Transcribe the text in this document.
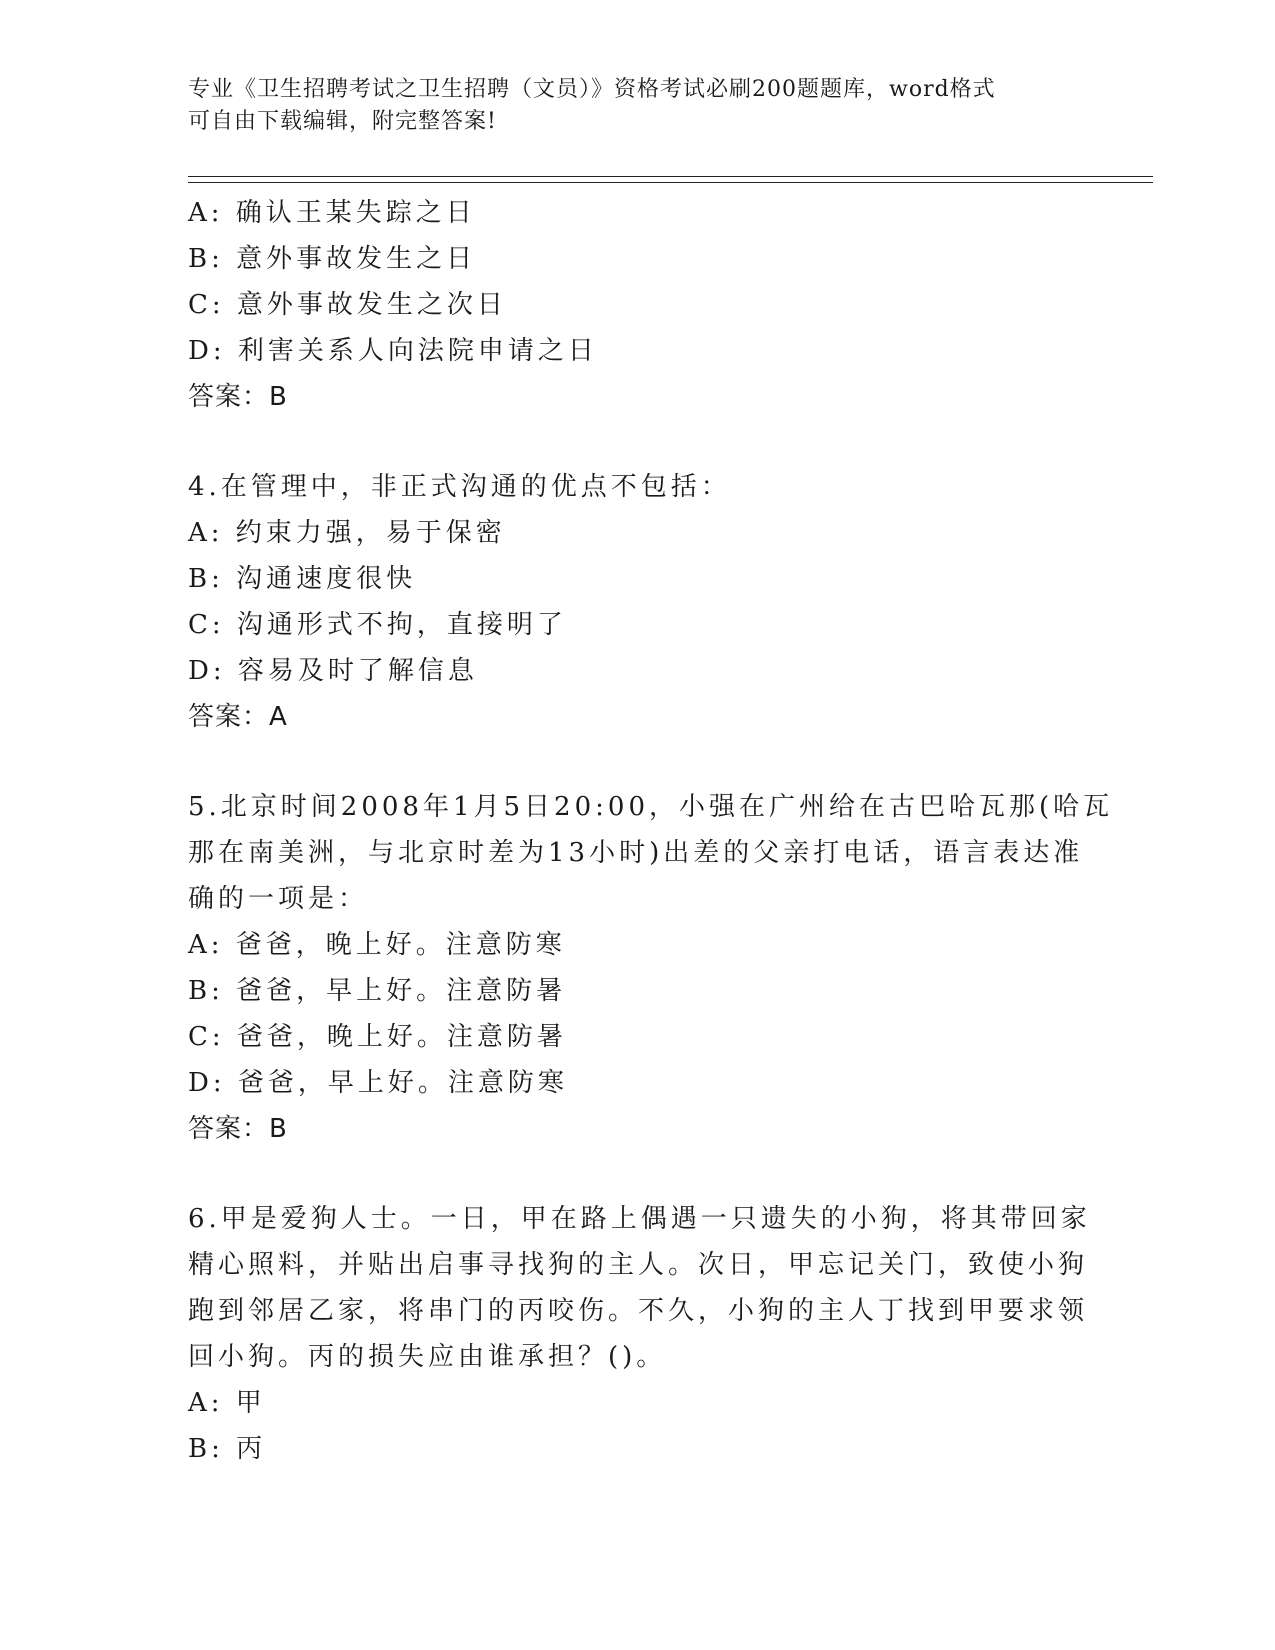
专业《卫生招聘考试之卫生招聘（文员）》资格考试必刷200题题库，word格式
可自由下载编辑，附完整答案!
A: 确认王某失踪之日
B: 意外事故发生之日
C: 意外事故发生之次日
D: 利害关系人向法院申请之日
答案：B
4.在管理中，非正式沟通的优点不包括：
A: 约束力强，易于保密
B: 沟通速度很快
C: 沟通形式不拘，直接明了
D: 容易及时了解信息
答案：A
5.北京时间2008年1月5日20:00，小强在广州给在古巴哈瓦那(哈瓦
那在南美洲，与北京时差为13小时)出差的父亲打电话，语言表达准
确的一项是：
A: 爸爸，晚上好。注意防寒
B: 爸爸，早上好。注意防暑
C: 爸爸，晚上好。注意防暑
D: 爸爸，早上好。注意防寒
答案：B
6.甲是爱狗人士。一日，甲在路上偶遇一只遗失的小狗，将其带回家
精心照料，并贴出启事寻找狗的主人。次日，甲忘记关门，致使小狗
跑到邻居乙家，将串门的丙咬伤。不久，小狗的主人丁找到甲要求领
回小狗。丙的损失应由谁承担？()。
A: 甲
B: 丙
